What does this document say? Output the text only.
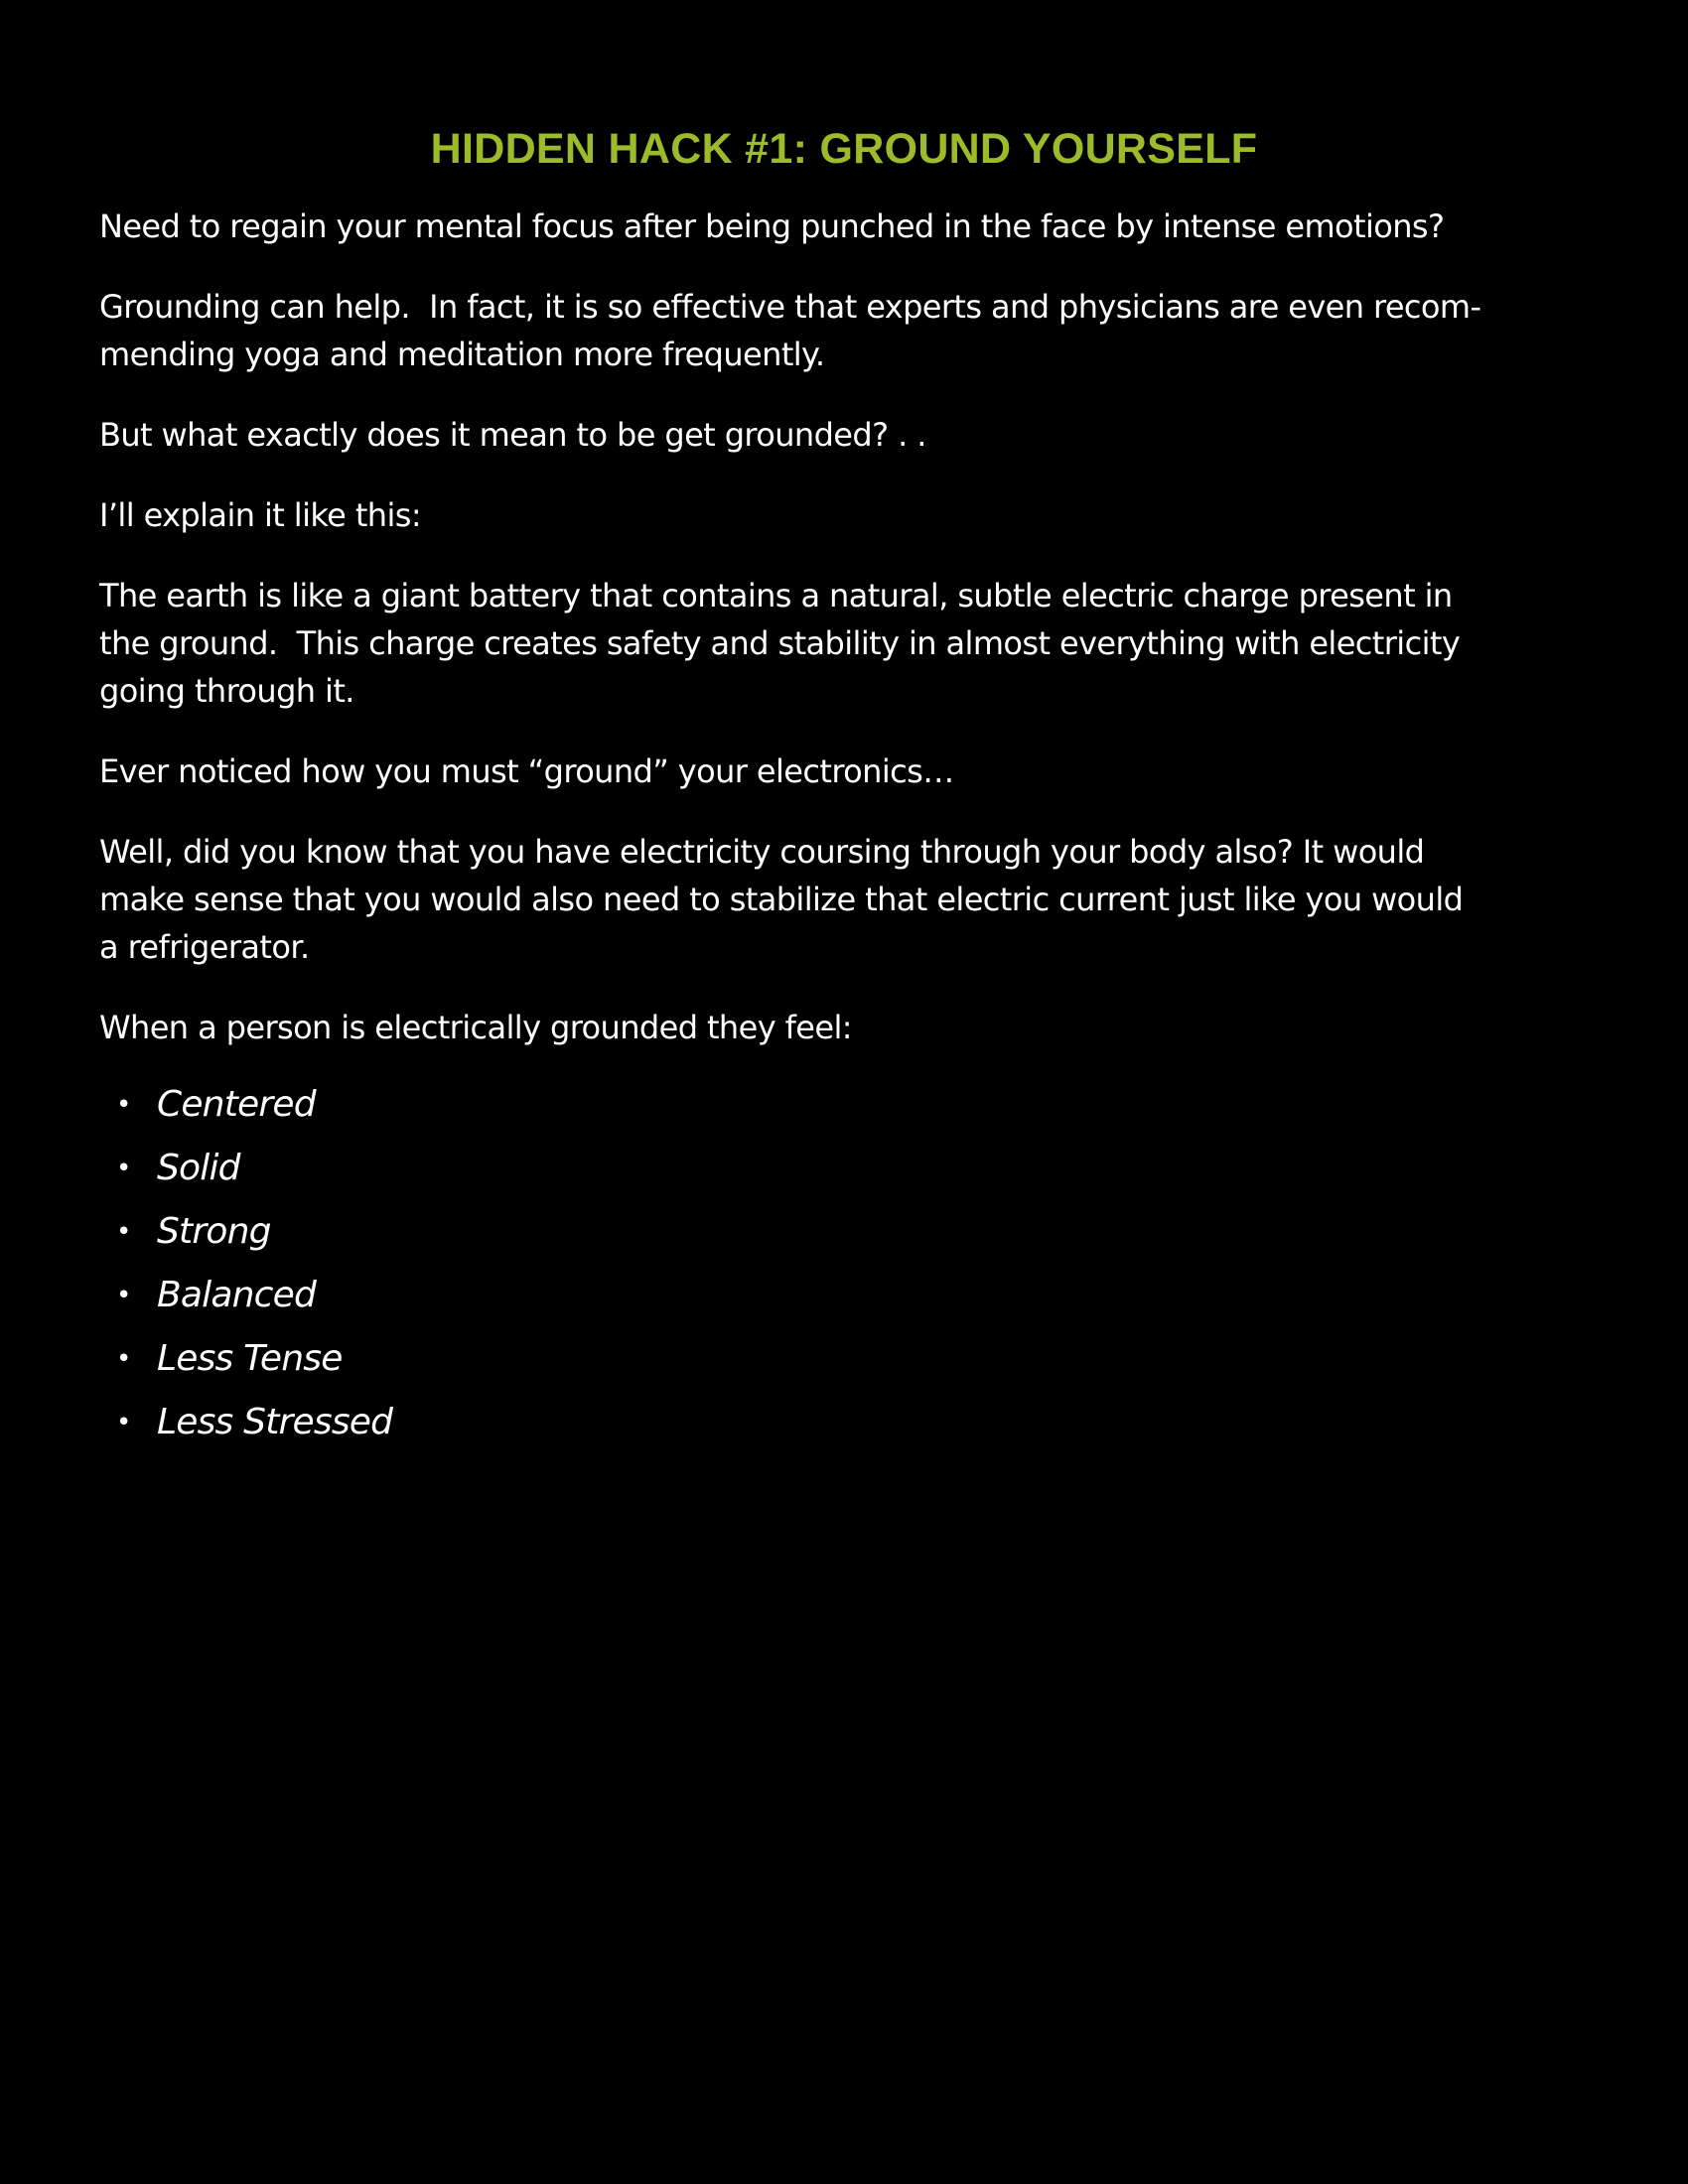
HIDDEN HACK #1: GROUND YOURSELF

Need to regain your mental focus after being punched in the face by intense emotions?

Grounding can help.  In fact, it is so effective that experts and physicians are even recom-
mending yoga and meditation more frequently.

But what exactly does it mean to be get grounded? . .

I’ll explain it like this:

The earth is like a giant battery that contains a natural, subtle electric charge present in
the ground.  This charge creates safety and stability in almost everything with electricity
going through it.

Ever noticed how you must “ground” your electronics…

Well, did you know that you have electricity coursing through your body also? It would
make sense that you would also need to stabilize that electric current just like you would
a refrigerator.

When a person is electrically grounded they feel:

• Centered
• Solid
• Strong
• Balanced
• Less Tense
• Less Stressed
